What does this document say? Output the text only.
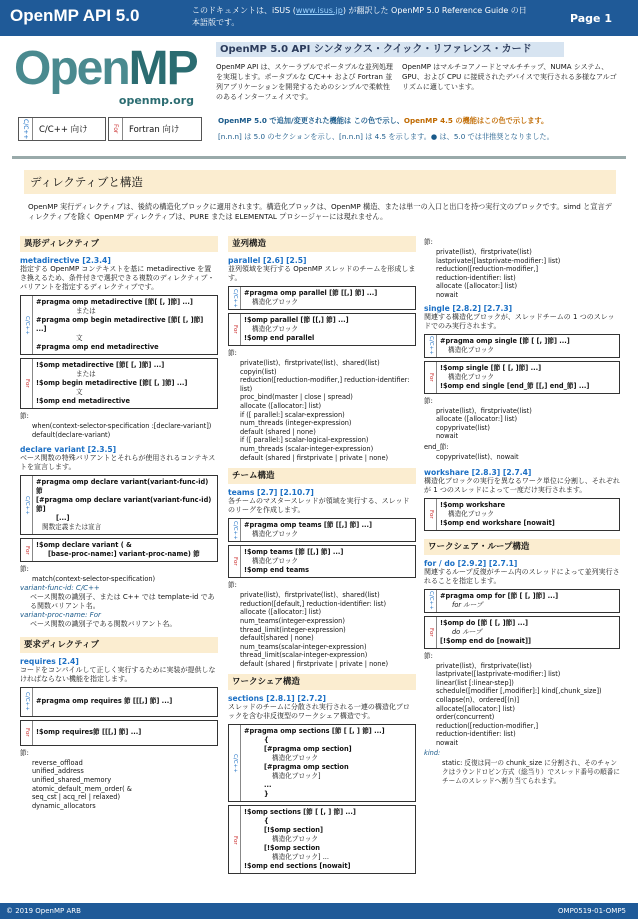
OpenMP API 5.0	このドキュメントは、iSUS (www.isus.jp) が翻訳した OpenMP 5.0 Reference Guide の日本語版です。	Page 1
OpenMP
openmp.org
C/C++	C/C++ 向け	For	Fortran 向け
OpenMP 5.0 API シンタックス・クイック・リファレンス・カード
OpenMP API は、スケーラブルでポータブルな並列処理を実現します。ポータブルな C/C++ および Fortran 並列アプリケーションを開発するためのシンプルで柔軟性のあるインターフェイスです。
OpenMP はマルチコアノードとマルチチップ、NUMA システム、GPU、および CPU に接続されたデバイスで実行される多様なアルゴリズムに適しています。
OpenMP 5.0 で追加/変更された機能は この色で示し、OpenMP 4.5 の機能はこの色で示します。
[n.n.n] は 5.0 のセクションを示し、[n.n.n] は 4.5 を示します。● は、5.0 では非推奨となりました。
ディレクティブと構造
OpenMP 実行ディレクティブは、後続の構造化ブロックに適用されます。構造化ブロックは、OpenMP 構造、または単一の入口と出口を持つ実行文のブロックです。simd と宣言ディレクティブを除く OpenMP ディレクティブは、PURE または ELEMENTAL プロシージャーには現れません。
異形ディレクティブ
metadirective [2.3.4]
指定する OpenMP コンテキストを基に metadirective を置き換えるため、条件付きで選択できる複数のディレクティブ・バリアントを指定するディレクティブです。
C/C++
#pragma omp metadirective [節[ [, ]節] ...]
または
#pragma omp begin metadirective [節[ [, ]節] ...]
文
#pragma omp end metadirective
For
!$omp metadirective [節[ [, ]節] ...]
または
!$omp begin metadirective [節[ [, ]節] ...]
文
!$omp end metadirective
節:
when(context-selector-specification :[declare-variant])
default(declare-variant)
declare variant [2.3.5]
ベース関数の特殊バリアントとそれらが使用されるコンテキストを宣言します。
C/C++
#pragma omp declare variant(variant-func-id) 節
[#pragma omp declare variant(variant-func-id) 節]
[...]
関数定義または宣言
For
!$omp declare variant ( &
[base-proc-name:] variant-proc-name) 節
節:
match(context-selector-specification)
variant-func-id: C/C++
ベース関数の識別子、または C++ では template-id である関数バリアント名。
variant-proc-name: For
ベース関数の識別子である関数バリアント名。
要求ディレクティブ
requires [2.4]
コードをコンパイルして正しく実行するために実装が提供しなければならない機能を指定します。
C/C++ #pragma omp requires 節 [[[,] 節] ...]
For !$omp requires節 [[[,] 節] ...]
節:
reverse_offload
unified_address
unified_shared_memory
atomic_default_mem_order( &
seq_cst | acq_rel | relaxed)
dynamic_allocators
並列構造
parallel [2.6] [2.5]
並列領域を実行する OpenMP スレッドのチームを形成します。
C/C++ #pragma omp parallel [節 [[,] 節] ...]
構造化ブロック
For
!$omp parallel [節 [[,] 節] ...]
構造化ブロック
!$omp end parallel
節:
private(list)、firstprivate(list)、shared(list)
copyin(list)
reduction([reduction-modifier,] reduction-identifier: list)
proc_bind(master | close | spread)
allocate ([allocator:] list)
if ([ parallel:] scalar-expression)
num_threads (integer-expression)
default (shared | none)
if ([ parallel:] scalar-logical-expression)
num_threads (scalar-integer-expression)
default (shared | firstprivate | private | none)
チーム構造
teams [2.7] [2.10.7]
各チームのマスタースレッドが領域を実行する、スレッドのリーグを作成します。
C/C++ #pragma omp teams [節 [[,] 節] ...]
構造化ブロック
For
!$omp teams [節 [[,] 節] ...]
構造化ブロック
!$omp end teams
節:
private(list)、firstprivate(list)、shared(list)
reduction([default,] reduction-identifier: list)
allocate ([allocator:] list)
num_teams(integer-expression)
thread_limit(integer-expression)
default(shared | none)
num_teams(scalar-integer-expression)
thread_limit(scalar-integer-expression)
default (shared | firstprivate | private | none)
ワークシェア構造
sections [2.8.1] [2.7.2]
スレッドのチームに分散され実行される一連の構造化ブロックを含む非反復型のワークシェア構造です。
C/C++
#pragma omp sections [節 [ [, ] 節] ...]
{
[#pragma omp section]
構造化ブロック
[#pragma omp section
構造化ブロック]
...
}
For
!$omp sections [節 [ [, ] 節] ...]
{
[!$omp section]
構造化ブロック
[!$omp section
構造化ブロック] ...
!$omp end sections [nowait]
節:
private(list)、firstprivate(list)
lastprivate([lastprivate-modifier:] list)
reduction([reduction-modifier,]
reduction-identifier: list)
allocate ([allocator:] list)
nowait
single [2.8.2] [2.7.3]
関連する構造化ブロックが、スレッドチームの 1 つのスレッドでのみ実行されます。
C/C++ #pragma omp single [節 [ [, ]節] ...]
構造化ブロック
For
!$omp single [節 [ [, ]節] ...]
構造化ブロック
!$omp end single [end_節 [[,] end_節] ...]
節:
private(list)、firstprivate(list)
allocate ([allocator:] list)
copyprivate(list)
nowait
end_節:
copyprivate(list)、nowait
workshare [2.8.3] [2.7.4]
構造化ブロックの実行を異なるワーク単位に分割し、それぞれが 1 つのスレッドによって一度だけ実行されます。
For
!$omp workshare
構造化ブロック
!$omp end workshare [nowait]
ワークシェア・ループ構造
for / do [2.9.2] [2.7.1]
関連するループ反復がチーム内のスレッドによって並列実行されることを指定します。
C/C++ #pragma omp for [節 [ [, ]節] ...]
for ループ
For
!$omp do [節 [ [, ]節] ...]
do ループ
[!$omp end do [nowait]]
節:
private(list)、firstprivate(list)
lastprivate([lastprivate-modifier:] list)
linear(list [:linear-step])
schedule([modifier [,modifier]:] kind[,chunk_size])
collapse(n)、ordered[(n)]
allocate([allocator:] list)
order(concurrent)
reduction([reduction-modifier,]
reduction-identifier: list)
nowait
kind:
static: 反復は同一の chunk_size に分割され、そのチャンクはラウンドロビン方式（総当り）でスレッド番号の順番にチームのスレッドへ割り当てられます。
© 2019 OpenMP ARB	OMP0519-01-OMP5
